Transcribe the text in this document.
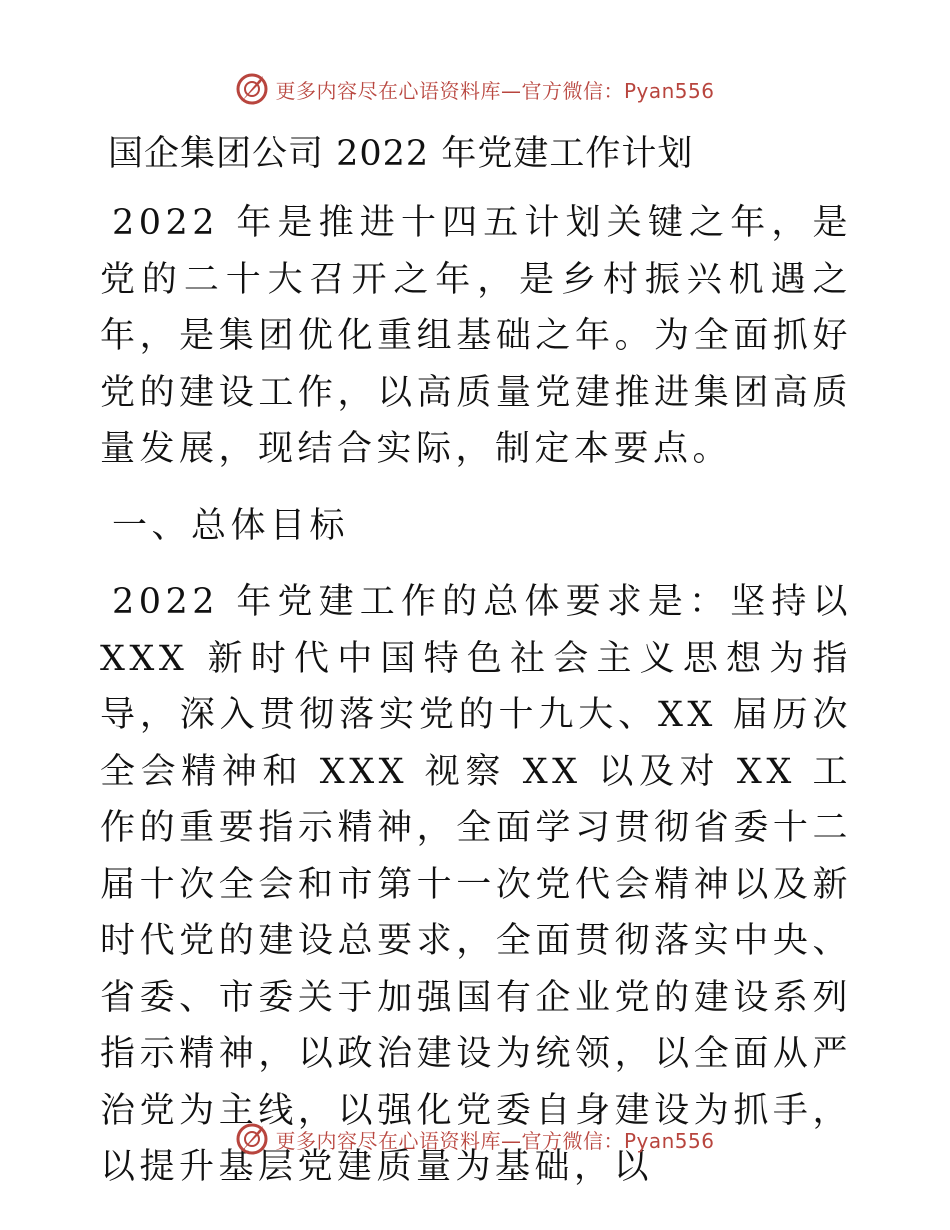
更多内容尽在心语资料库—官方微信：Pyan556
国企集团公司 2022 年党建工作计划

2022 年是推进十四五计划关键之年，是党的二十大召开之年，是乡村振兴机遇之年，是集团优化重组基础之年。为全面抓好党的建设工作，以高质量党建推进集团高质量发展，现结合实际，制定本要点。

一、总体目标

2022 年党建工作的总体要求是：坚持以 XXX 新时代中国特色社会主义思想为指导，深入贯彻落实党的十九大、XX 届历次全会精神和 XXX 视察 XX 以及对 XX 工作的重要指示精神，全面学习贯彻省委十二届十次全会和市第十一次党代会精神以及新时代党的建设总要求，全面贯彻落实中央、省委、市委关于加强国有企业党的建设系列指示精神，以政治建设为统领，以全面从严治党为主线，以强化党委自身建设为抓手，以提升基层党建质量为基础，以

更多内容尽在心语资料库—官方微信：Pyan556
